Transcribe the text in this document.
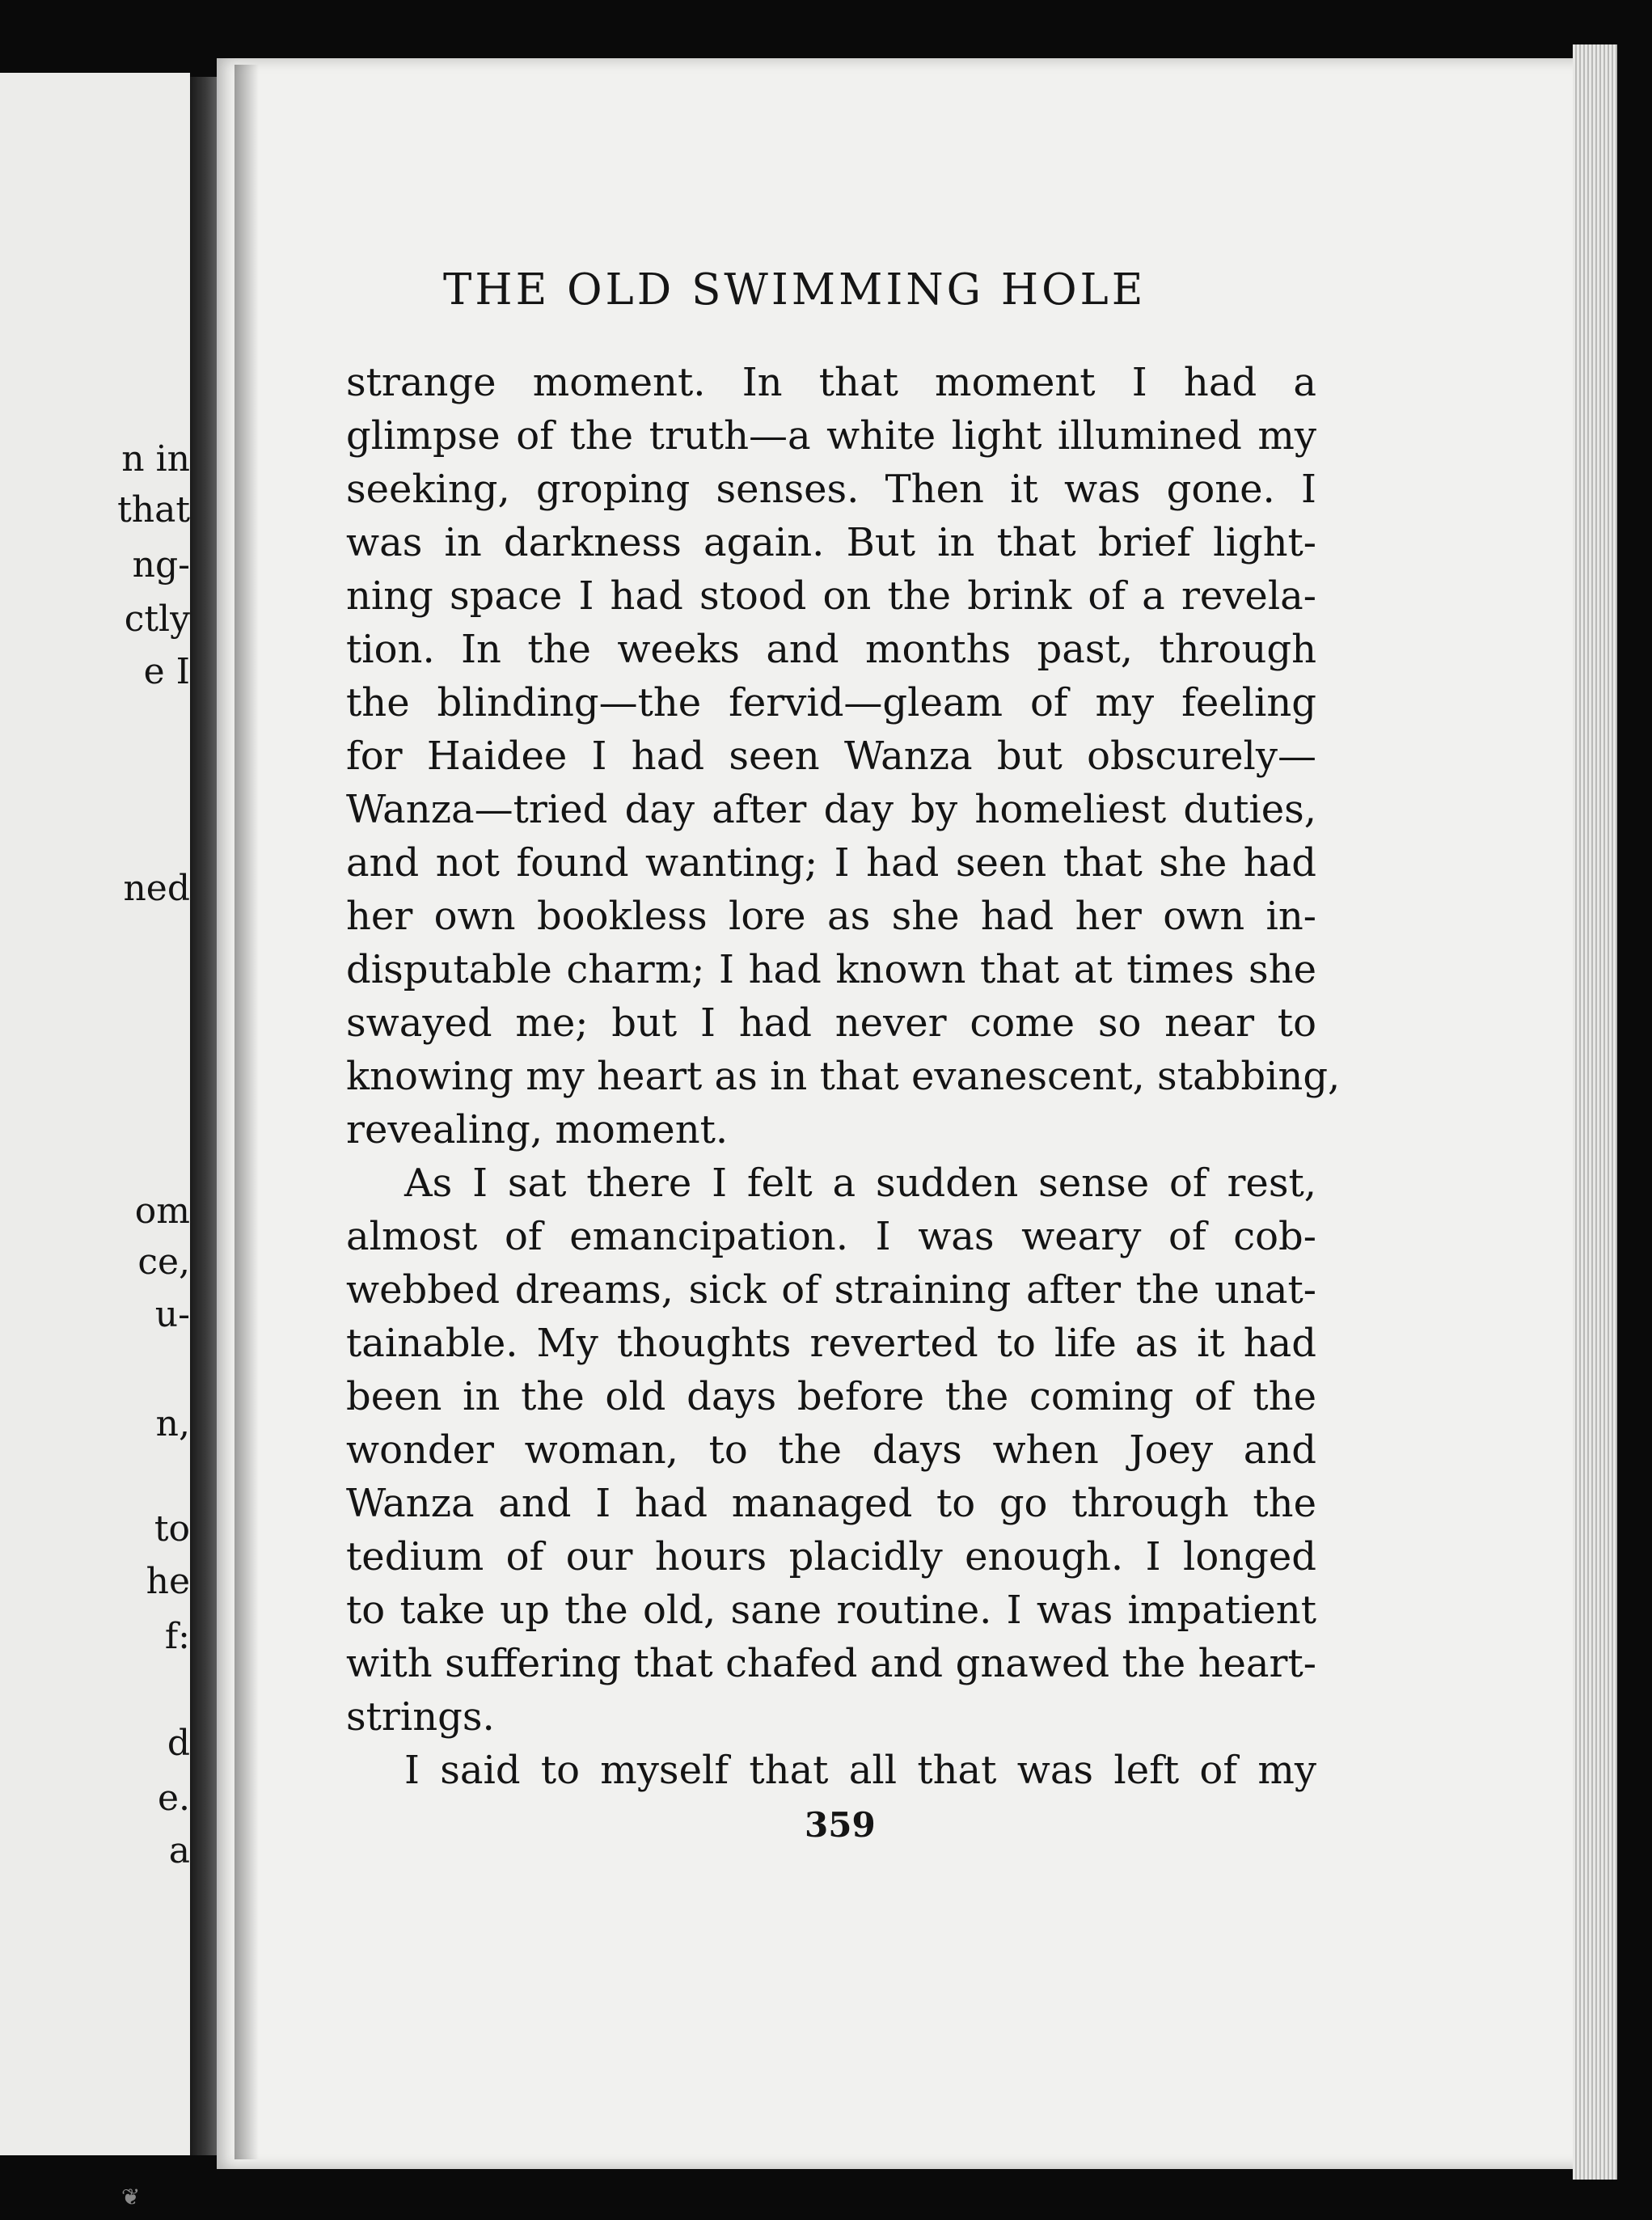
n in
that
ng-
ctly
e I
ned
om
ce,
u-
n,
to
he
f:
d
e.
a
THE OLD SWIMMING HOLE
strange moment. In that moment I had a
glimpse of the truth—a white light illumined my
seeking, groping senses. Then it was gone. I
was in darkness again. But in that brief light-
ning space I had stood on the brink of a revela-
tion. In the weeks and months past, through
the blinding—the fervid—gleam of my feeling
for Haidee I had seen Wanza but obscurely—
Wanza—tried day after day by homeliest duties,
and not found wanting; I had seen that she had
her own bookless lore as she had her own in-
disputable charm; I had known that at times she
swayed me; but I had never come so near to
knowing my heart as in that evanescent, stabbing,
revealing, moment.
As I sat there I felt a sudden sense of rest,
almost of emancipation. I was weary of cob-
webbed dreams, sick of straining after the unat-
tainable. My thoughts reverted to life as it had
been in the old days before the coming of the
wonder woman, to the days when Joey and
Wanza and I had managed to go through the
tedium of our hours placidly enough. I longed
to take up the old, sane routine. I was impatient
with suffering that chafed and gnawed the heart-
strings.
I said to myself that all that was left of my
359
❦
